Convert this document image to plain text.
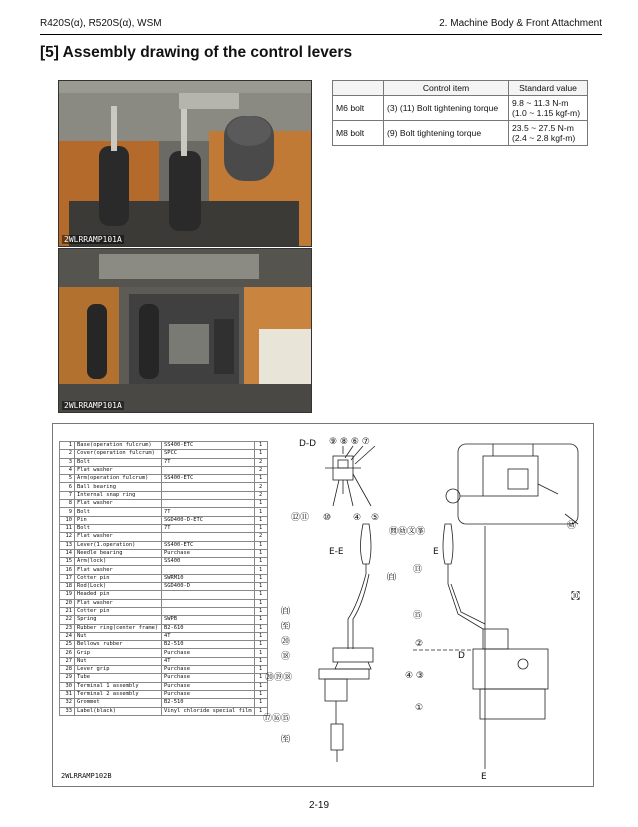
R420S(α), R520S(α), WSM	2. Machine Body & Front Attachment
[5] Assembly drawing of the control levers
2WLRRAMP101A
2WLRRAMP101A
	Control item	Standard value
M6 bolt	(3) (11) Bolt tightening torque	9.8 ~ 11.3 N-m
(1.0 ~ 1.15 kgf-m)

M8 bolt	(9) Bolt tightening torque	23.5 ~ 27.5 N-m
(2.4 ~ 2.8 kgf-m)
1	Base(operation fulcrum)	SS400-ETC	1
2	Cover(operation fulcrum)	SPCC	1
3	Bolt	7T	2
4	Flat washer		2
5	Arm(operation fulcrum)	SS400-ETC	1
6	Ball bearing		2
7	Internal snap ring		2
8	Flat washer		1
9	Bolt	7T	1
10	Pin	SGD400-D-ETC	1
11	Bolt	7T	1
12	Flat washer		2
13	Lever(1.operation)	SS400-ETC	1
14	Needle bearing	Purchase	1
15	Arm(lock)	SS400	1
16	Flat washer		1
17	Cotter pin	SWRM10	1
18	Rod(Lock)	SGD400-D	1
19	Headed pin		1
20	Flat washer		1
21	Cotter pin		1
22	Spring	SWPB	1
23	Rubber ring(center frame)	B2-610	1
24	Nut	4T	1
25	Bellows rubber	B2-510	1
26	Grip	Purchase	1
27	Nut	4T	1
28	Lever grip	Purchase	1
29	Tube	Purchase	1
30	Terminal 1 assembly	Purchase	1
31	Terminal 2 assembly	Purchase	1
32	Grommet	B2-510	1
33	Label(black)	Vinyl chloride special film	1
D-D ⑨ ⑧ ⑥ ⑦
⑫⑪ ⑩ ④ ⑤
㉅
E-E
㉄㉅㉆㉇
㉂
E
⑬
⑮
㉈
②
D
④ ③
①
㉂
㉃
⑳
⑱
⑳⑲⑱
⑰⑯⑮
㉃
E
2WLRRAMP102B
2-19
